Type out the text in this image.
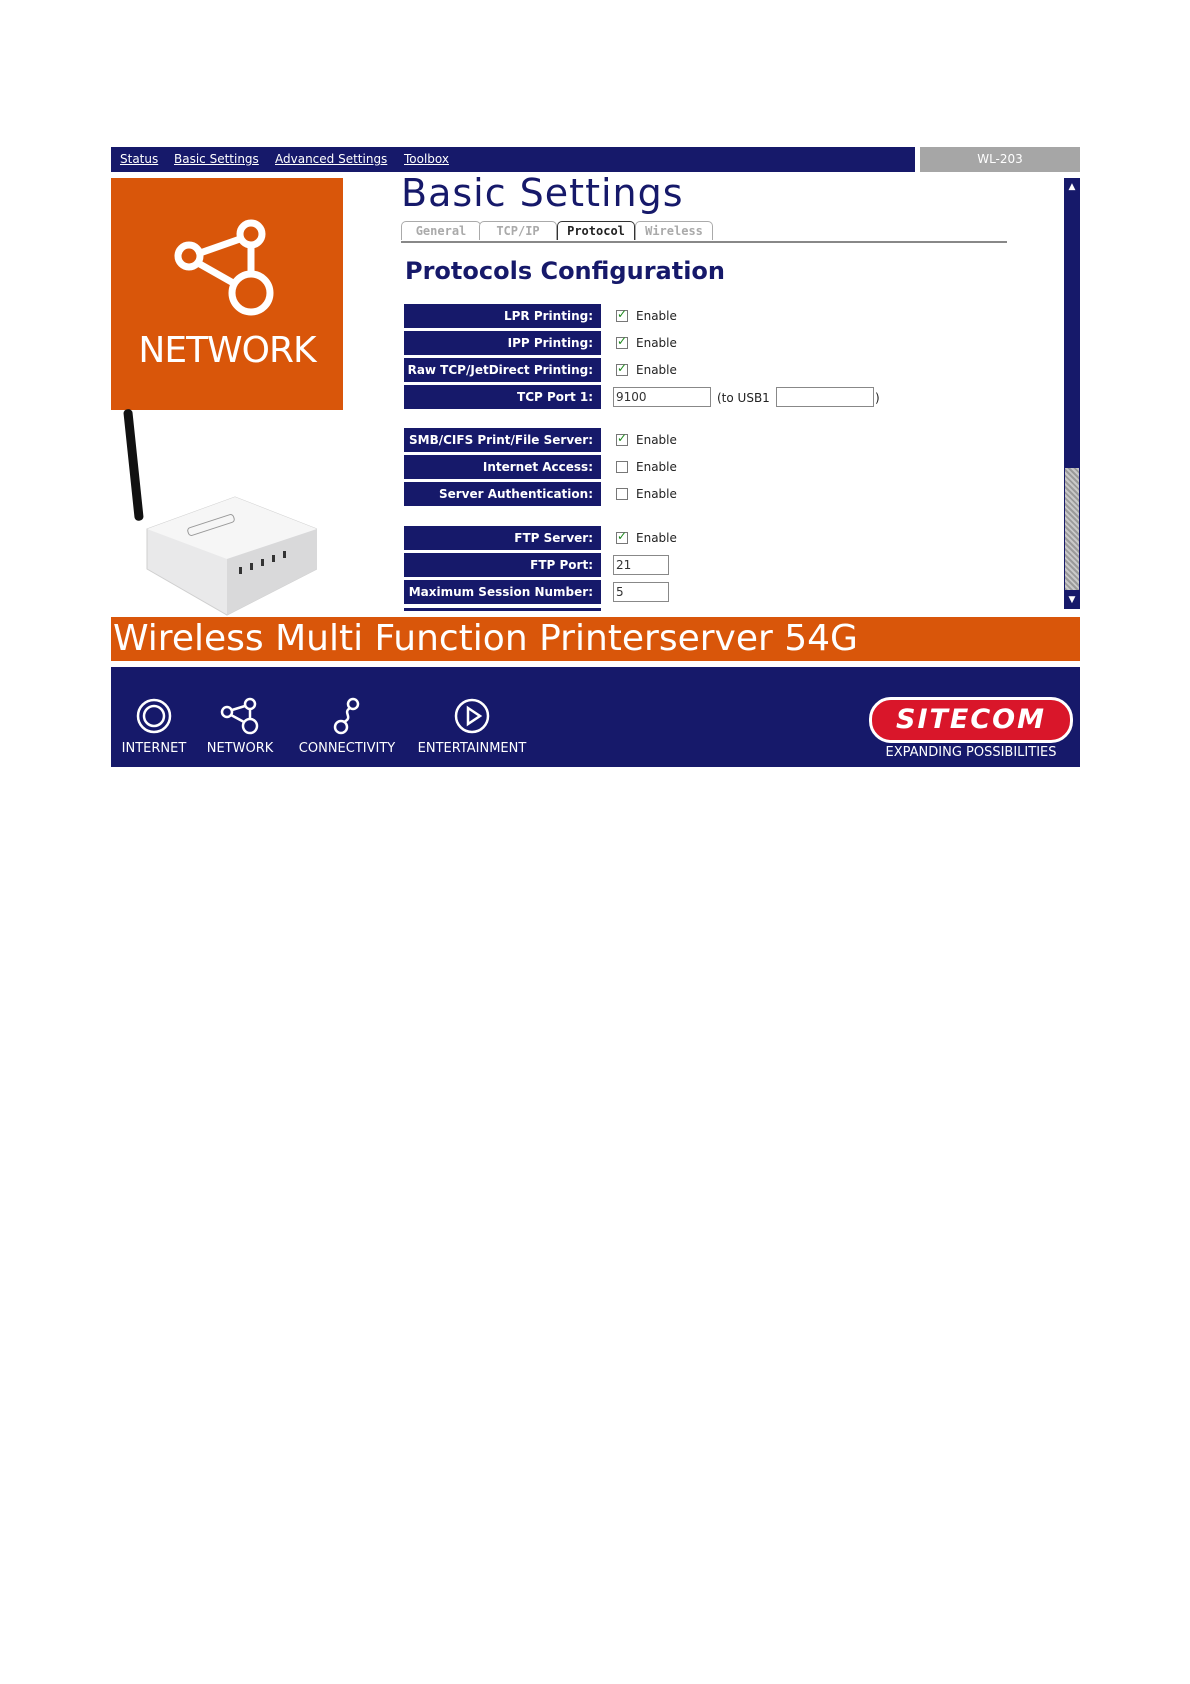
Status Basic Settings Advanced Settings Toolbox	WL-203
NETWORK
Basic Settings
General	TCP/IP	Protocol	Wireless
Protocols Configuration
LPR Printing: ✓	Enable
IPP Printing: ✓	Enable
Raw TCP/JetDirect Printing: ✓	Enable
TCP Port 1:
9100	(to USB1	)
SMB/CIFS Print/File Server: ✓	Enable
Internet Access:	Enable
Server Authentication:	Enable
FTP Server: ✓	Enable
FTP Port:
21
Maximum Session Number:
5
▲
▼
Wireless Multi Function Printerserver 54G
INTERNET NETWORK CONNECTIVITY	ENTERTAINMENT
SITECOM
EXPANDING POSSIBILITIES
